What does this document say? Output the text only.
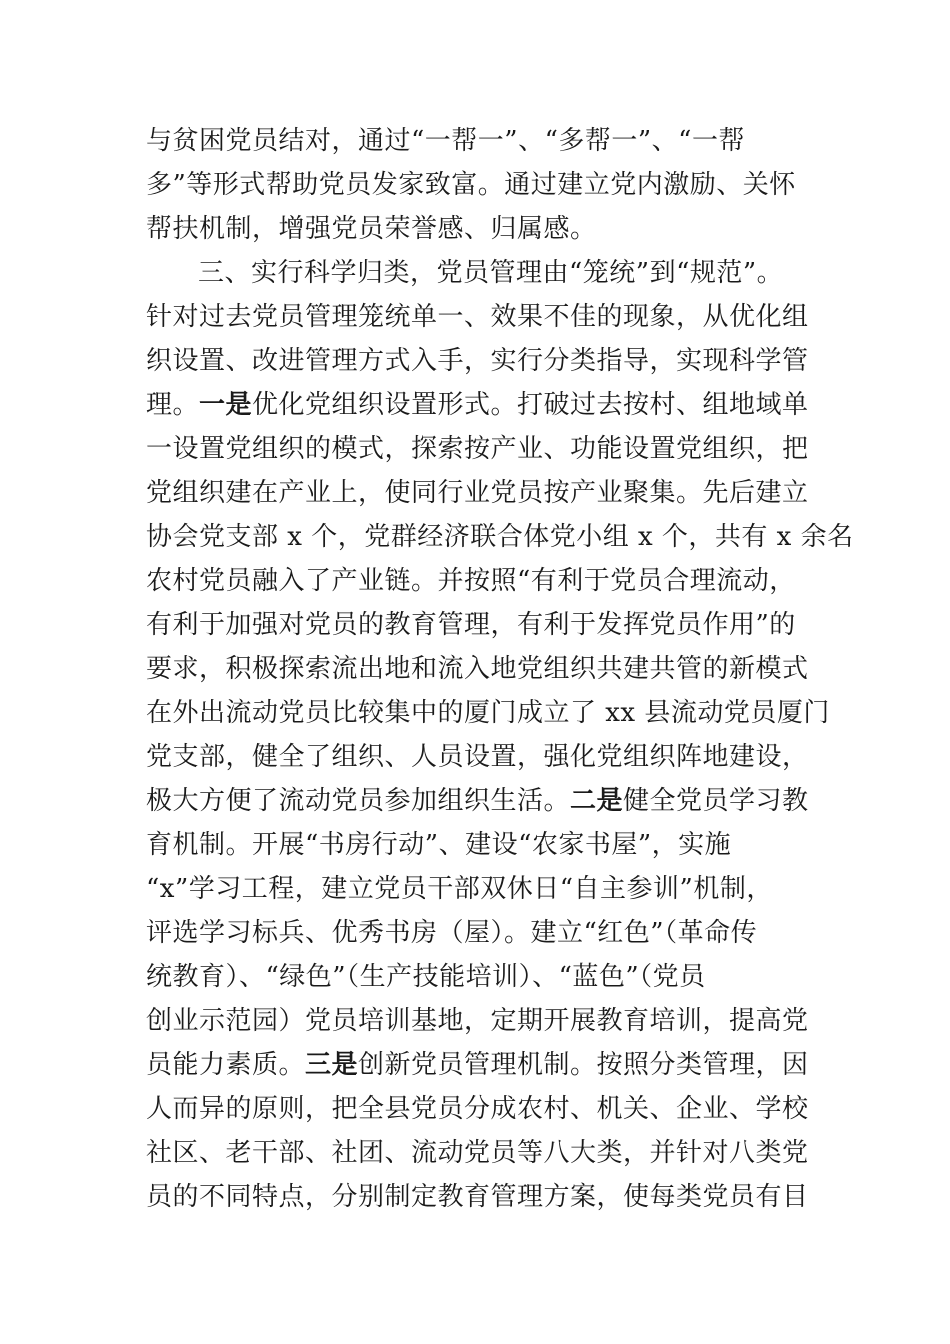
与贫困党员结对，通过“一帮一”、“多帮一”、“一帮
多”等形式帮助党员发家致富。通过建立党内激励、关怀
帮扶机制，增强党员荣誉感、归属感。
三、实行科学归类，党员管理由“笼统”到“规范”。
针对过去党员管理笼统单一、效果不佳的现象，从优化组
织设置、改进管理方式入手，实行分类指导，实现科学管
理。一是优化党组织设置形式。打破过去按村、组地域单
一设置党组织的模式，探索按产业、功能设置党组织，把
党组织建在产业上，使同行业党员按产业聚集。先后建立
协会党支部 x 个，党群经济联合体党小组 x 个，共有 x 余名
农村党员融入了产业链。并按照“有利于党员合理流动，
有利于加强对党员的教育管理，有利于发挥党员作用”的
要求，积极探索流出地和流入地党组织共建共管的新模式
在外出流动党员比较集中的厦门成立了 xx 县流动党员厦门
党支部，健全了组织、人员设置，强化党组织阵地建设，
极大方便了流动党员参加组织生活。二是健全党员学习教
育机制。开展“书房行动”、建设“农家书屋”，实施
“x”学习工程，建立党员干部双休日“自主参训”机制，
评选学习标兵、优秀书房（屋）。建立“红色”（革命传
统教育）、“绿色”（生产技能培训）、“蓝色”（党员
创业示范园）党员培训基地，定期开展教育培训，提高党
员能力素质。三是创新党员管理机制。按照分类管理，因
人而异的原则，把全县党员分成农村、机关、企业、学校
社区、老干部、社团、流动党员等八大类，并针对八类党
员的不同特点，分别制定教育管理方案，使每类党员有目
